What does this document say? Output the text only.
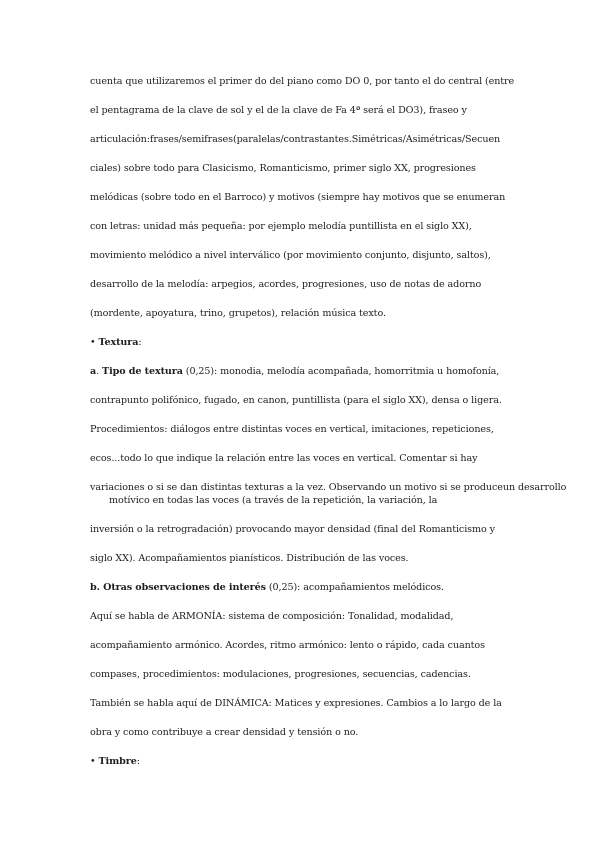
cuenta que utilizaremos el primer do del piano como DO 0, por tanto el do central (entre
el pentagrama de la clave de sol y el de la clave de Fa 4ª será el DO3), fraseo y
articulación:frases/semifrases(paralelas/contrastantes.Simétricas/Asimétricas/Secuen
ciales) sobre todo para Clasicismo, Romanticismo, primer siglo XX, progresiones
melódicas (sobre todo en el Barroco) y motivos (siempre hay motivos que se enumeran
con letras: unidad más pequeña: por ejemplo melodía puntillista en el siglo XX),
movimiento melódico a nivel interválico (por movimiento conjunto, disjunto, saltos),
desarrollo de la melodía: arpegios, acordes, progresiones, uso de notas de adorno
(mordente, apoyatura, trino, grupetos), relación música texto.
• Textura:
a. Tipo de textura (0,25): monodia, melodía acompañada, homorritmia u homofonía,
contrapunto polifónico, fugado, en canon, puntillista (para el siglo XX), densa o ligera.
Procedimientos: diálogos entre distintas voces en vertical, imitaciones, repeticiones,
ecos...todo lo que indique la relación entre las voces en vertical. Comentar si hay
variaciones o si se dan distintas texturas a la vez. Observando un motivo si se produceun desarrollo
motívico en todas las voces (a través de la repetición, la variación, la
inversión o la retrogradación) provocando mayor densidad (final del Romanticismo y
siglo XX). Acompañamientos pianísticos. Distribución de las voces.
b. Otras observaciones de interés (0,25): acompañamientos melódicos.
Aquí se habla de ARMONÍA: sistema de composición: Tonalidad, modalidad,
acompañamiento armónico. Acordes, ritmo armónico: lento o rápido, cada cuantos
compases, procedimientos: modulaciones, progresiones, secuencias, cadencias.
También se habla aquí de DINÁMICA: Matices y expresiones. Cambios a lo largo de la
obra y como contribuye a crear densidad y tensión o no.
• Timbre:
